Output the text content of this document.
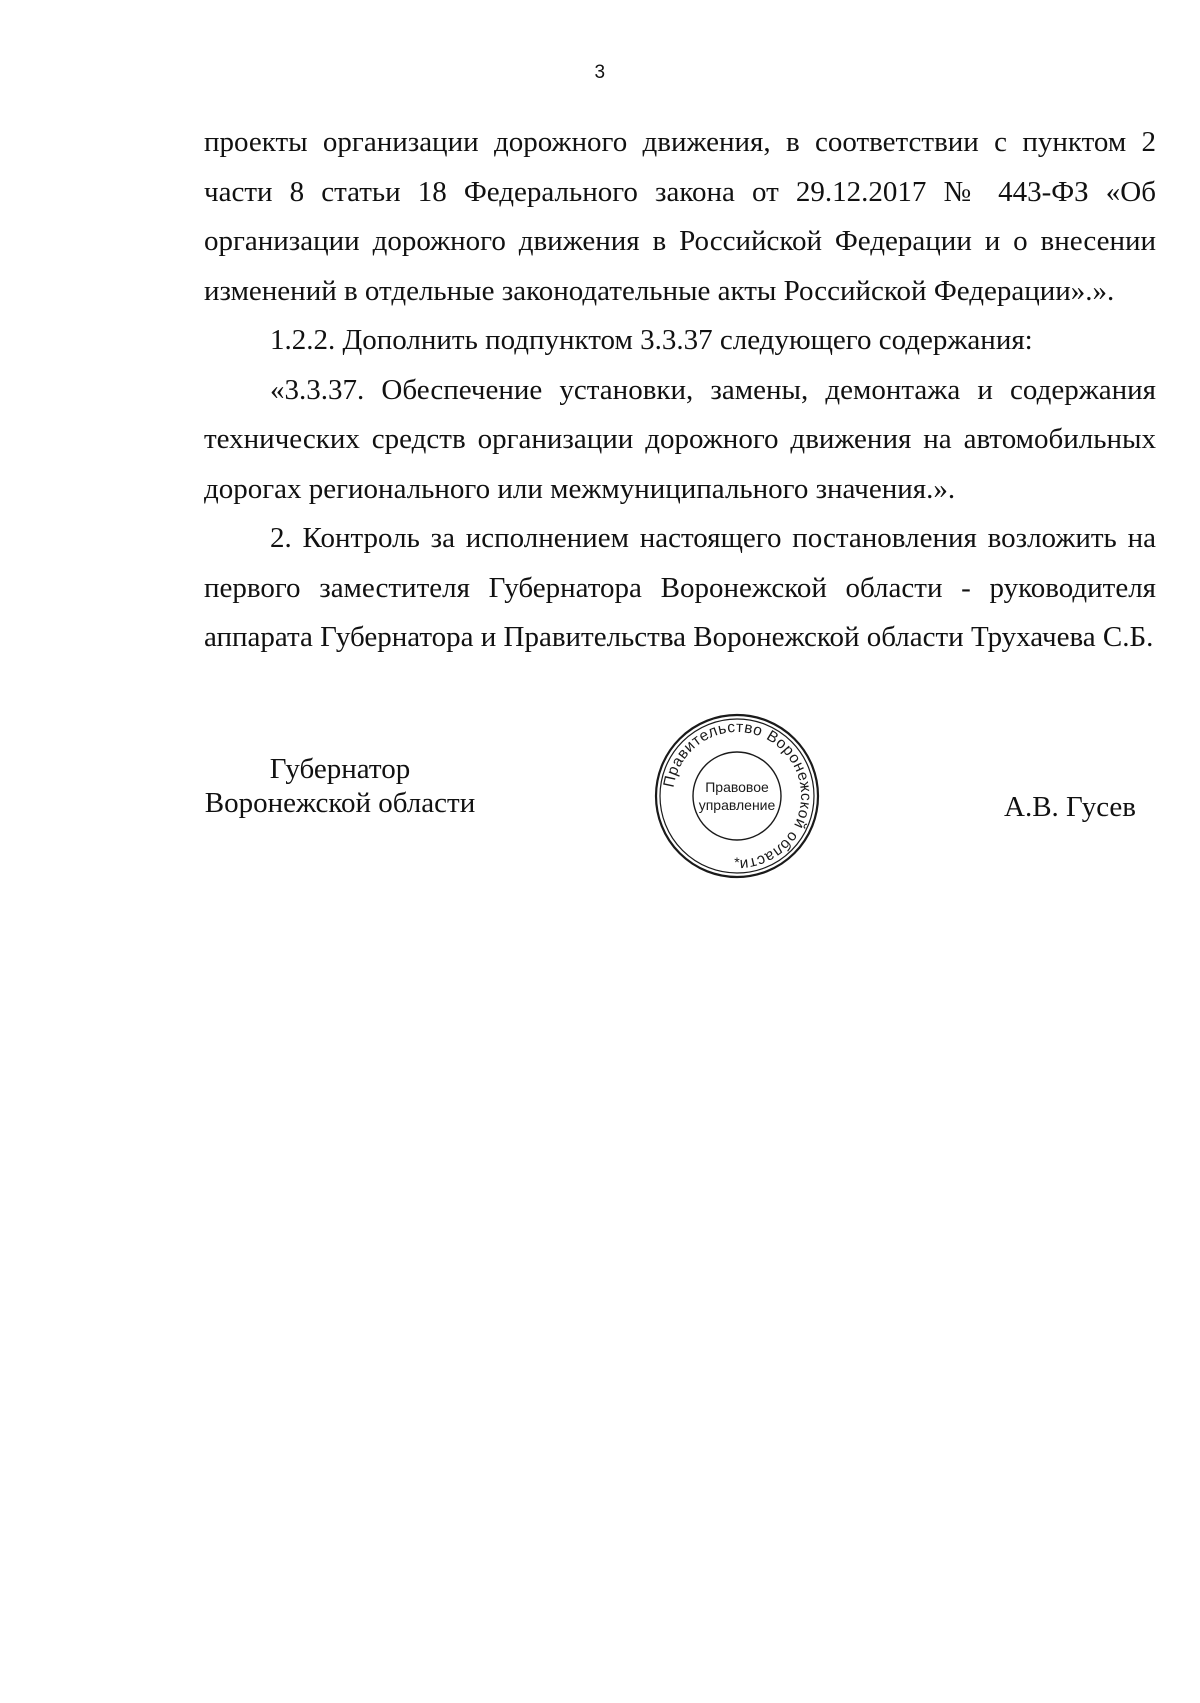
3

проекты организации дорожного движения, в соответствии с пунктом 2 части 8 статьи 18 Федерального закона от 29.12.2017 № 443-ФЗ «Об организации дорожного движения в Российской Федерации и о внесении изменений в отдельные законодательные акты Российской Федерации».».

1.2.2. Дополнить подпунктом 3.3.37 следующего содержания:

«3.3.37. Обеспечение установки, замены, демонтажа и содержания технических средств организации дорожного движения на автомобильных дорогах регионального или межмуниципального значения.».

2. Контроль за исполнением настоящего постановления возложить на первого заместителя Губернатора Воронежской области - руководителя аппарата Губернатора и Правительства Воронежской области Трухачева С.Б.

Губернатор
Воронежской области
Правительство Воронежской области
Правовое
управление
*
А.В. Гусев
